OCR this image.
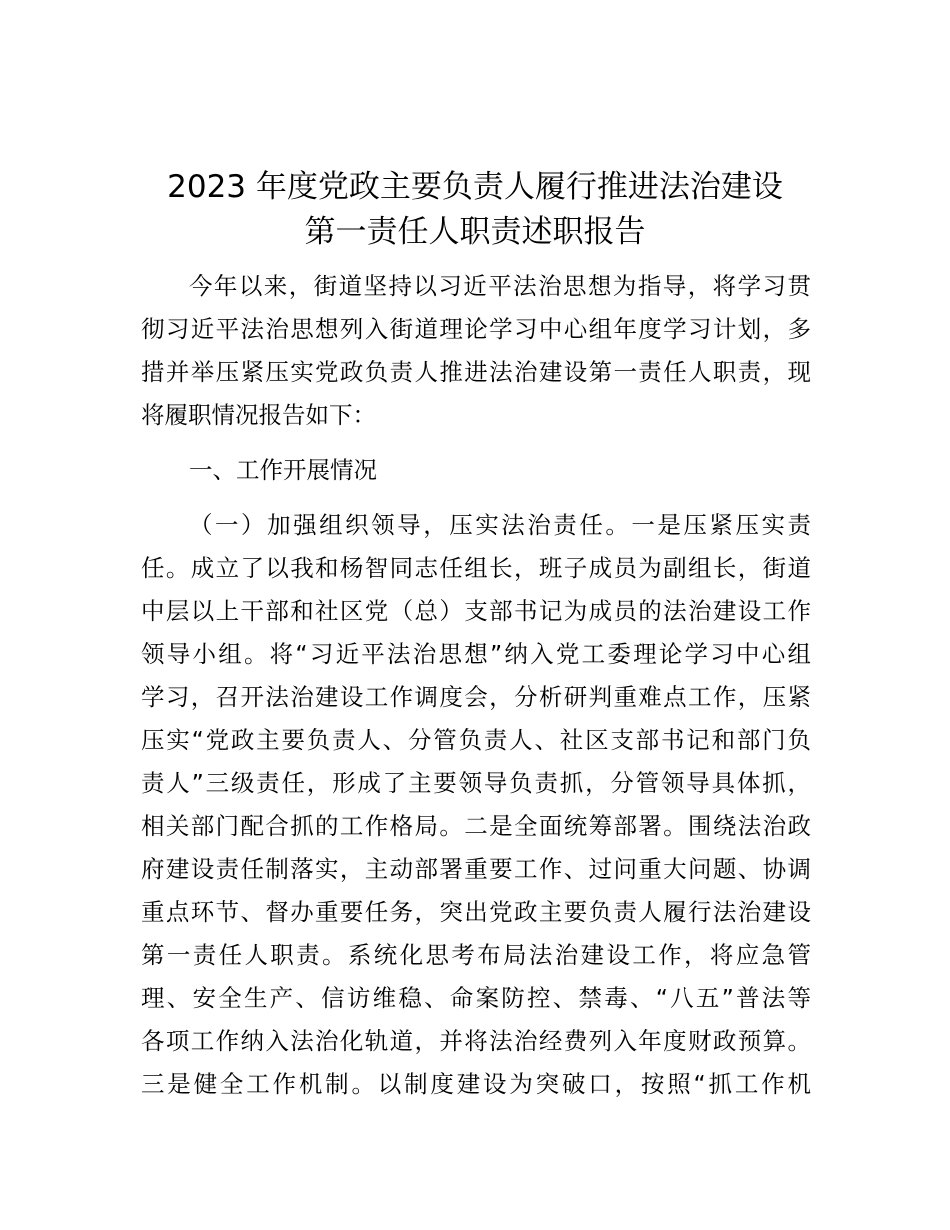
2023 年度党政主要负责人履行推进法治建设
第一责任人职责述职报告
今年以来，街道坚持以习近平法治思想为指导，将学习贯
彻习近平法治思想列入街道理论学习中心组年度学习计划，多
措并举压紧压实党政负责人推进法治建设第一责任人职责，现
将履职情况报告如下：
一、工作开展情况
（一）加强组织领导，压实法治责任。一是压紧压实责
任。成立了以我和杨智同志任组长，班子成员为副组长，街道
中层以上干部和社区党（总）支部书记为成员的法治建设工作
领导小组。将“习近平法治思想”纳入党工委理论学习中心组
学习，召开法治建设工作调度会，分析研判重难点工作，压紧
压实“党政主要负责人、分管负责人、社区支部书记和部门负
责人”三级责任，形成了主要领导负责抓，分管领导具体抓，
相关部门配合抓的工作格局。二是全面统筹部署。围绕法治政
府建设责任制落实，主动部署重要工作、过问重大问题、协调
重点环节、督办重要任务，突出党政主要负责人履行法治建设
第一责任人职责。系统化思考布局法治建设工作，将应急管
理、安全生产、信访维稳、命案防控、禁毒、“八五”普法等
各项工作纳入法治化轨道，并将法治经费列入年度财政预算。
三是健全工作机制。以制度建设为突破口，按照“抓工作机
